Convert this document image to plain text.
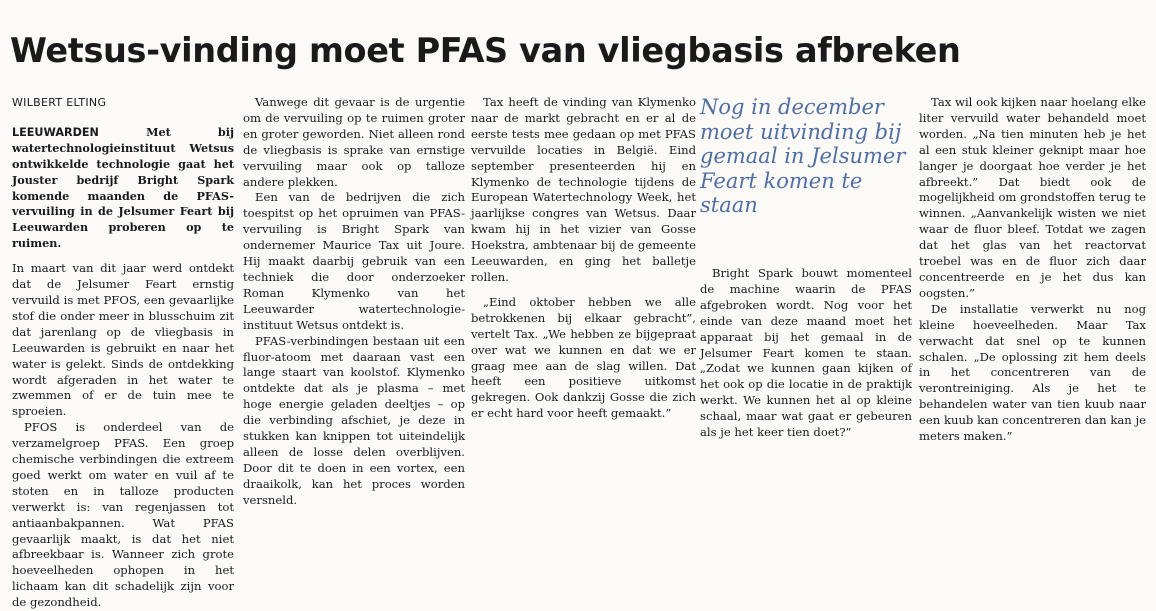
Wetsus-vinding moet PFAS van vliegbasis afbreken

WILBERT ELTING

LEEUWARDEN	Met bij watertechnologieinstituut Wetsus ontwikkelde technologie gaat het Jouster bedrijf Bright Spark komende maanden de PFAS-vervuiling in de Jelsumer Feart bij Leeuwarden proberen op te ruimen.

In maart van dit jaar werd ontdekt dat de Jelsumer Feart ernstig vervuild is met PFOS, een gevaarlijke stof die onder meer in blusschuim zit dat jarenlang op de vliegbasis in Leeuwarden is gebruikt en naar het water is gelekt. Sinds de ontdekking wordt afgeraden in het water te zwemmen of er de tuin mee te sproeien.

PFOS is onderdeel van de verzamelgroep PFAS. Een groep chemische verbindingen die extreem goed werkt om water en vuil af te stoten en in talloze producten verwerkt is: van regenjassen tot antiaanbakpannen. Wat PFAS gevaarlijk maakt, is dat het niet afbreekbaar is. Wanneer zich grote hoeveelheden ophopen in het lichaam kan dit schadelijk zijn voor de gezondheid.

Vanwege dit gevaar is de urgentie om de vervuiling op te ruimen groter en groter geworden. Niet alleen rond de vliegbasis is sprake van ernstige vervuiling maar ook op talloze andere plekken.

Een van de bedrijven die zich toespitst op het opruimen van PFAS-vervuiling is Bright Spark van ondernemer Maurice Tax uit Joure. Hij maakt daarbij gebruik van een techniek die door onderzoeker Roman Klymenko van het Leeuwarder watertechnologie-instituut Wetsus ontdekt is.

PFAS-verbindingen bestaan uit een fluor-atoom met daaraan vast een lange staart van koolstof. Klymenko ontdekte dat als je plasma – met hoge energie geladen deeltjes – op die verbinding afschiet, je deze in stukken kan knippen tot uiteindelijk alleen de losse delen overblijven. Door dit te doen in een vortex, een draaikolk, kan het proces worden versneld.

Tax heeft de vinding van Klymenko naar de markt gebracht en er al de eerste tests mee gedaan op met PFAS vervuilde locaties in België. Eind september presenteerden hij en Klymenko de technologie tijdens de European Watertechnology Week, het jaarlijkse congres van Wetsus. Daar kwam hij in het vizier van Gosse Hoekstra, ambtenaar bij de gemeente Leeuwarden, en ging het balletje rollen.

„Eind oktober hebben we alle betrokkenen bij elkaar gebracht”, vertelt Tax. „We hebben ze bijgepraat over wat we kunnen en dat we er graag mee aan de slag willen. Dat heeft een positieve uitkomst gekregen. Ook dankzij Gosse die zich er echt hard voor heeft gemaakt.”

Nog in december moet uitvinding bij gemaal in Jelsumer Feart komen te staan

Bright Spark bouwt momenteel de machine waarin de PFAS afgebroken wordt. Nog voor het einde van deze maand moet het apparaat bij het gemaal in de Jelsumer Feart komen te staan. „Zodat we kunnen gaan kijken of het ook op die locatie in de praktijk werkt. We kunnen het al op kleine schaal, maar wat gaat er gebeuren als je het keer tien doet?”

Tax wil ook kijken naar hoelang elke liter vervuild water behandeld moet worden. „Na tien minuten heb je het al een stuk kleiner geknipt maar hoe langer je doorgaat hoe verder je het afbreekt.” Dat biedt ook de mogelijkheid om grondstoffen terug te winnen. „Aanvankelijk wisten we niet waar de fluor bleef. Totdat we zagen dat het glas van het reactorvat troebel was en de fluor zich daar concentreerde en je het dus kan oogsten.”

De installatie verwerkt nu nog kleine hoeveelheden. Maar Tax verwacht dat snel op te kunnen schalen. „De oplossing zit hem deels in het concentreren van de verontreiniging. Als je het te behandelen water van tien kuub naar een kuub kan concentreren dan kan je meters maken.”
